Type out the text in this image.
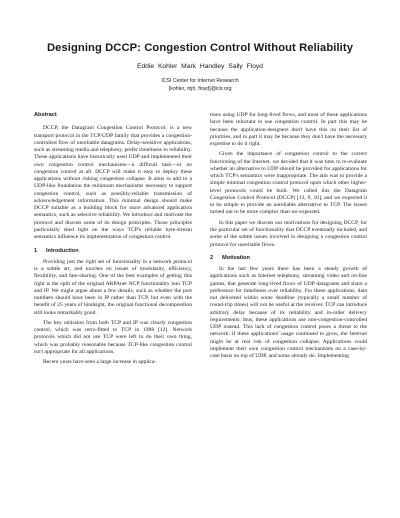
Designing DCCP: Congestion Control Without Reliability
Eddie Kohler Mark Handley Sally Floyd
ICSI Center for Internet Research
{kohler, mjh, floyd}@icir.org
Abstract

DCCP, the Datagram Congestion Control Protocol, is a new transport protocol in the TCP/UDP family that provides a congestion-controlled flow of unreliable datagrams. Delay-sensitive applications, such as streaming media and telephony, prefer timeliness to reliability. These applications have historically used UDP and implemented their own congestion control mechanisms—a difficult task—or no congestion control at all. DCCP will make it easy to deploy these applications without risking congestion collapse. It aims to add to a UDP-like foundation the minimum mechanisms necessary to support congestion control, such as possibly-reliable transmission of acknowledgement information. This minimal design should make DCCP suitable as a building block for more advanced application semantics, such as selective reliability. We introduce and motivate the protocol and discuss some of its design principles. Those principles particularly shed light on the ways TCP's reliable byte-stream semantics influence its implementation of congestion control.

1 Introduction

Providing just the right set of functionality in a network protocol is a subtle art, and touches on issues of modularity, efficiency, flexibility, and fate-sharing. One of the best examples of getting this right is the split of the original ARPAnet NCP functionality into TCP and IP. We might argue about a few details, such as whether the port numbers should have been in IP rather than TCP, but even with the benefit of 25 years of hindsight, the original functional decomposition still looks remarkably good.

The key omission from both TCP and IP was clearly congestion control, which was retro-fitted to TCP in 1988 [12]. Network protocols which did not use TCP were left to do their own thing, which was probably reasonable because TCP-like congestion control isn't appropriate for all applications.

Recent years have seen a large increase in applica-

tions using UDP for long-lived flows, and most of these applications have been reluctant to use congestion control. In part this may be because the application-designers don't have this on their list of priorities, and in part it may be because they don't have the necessary expertise to do it right.

Given the importance of congestion control to the correct functioning of the Internet, we decided that it was time to re-evaluate whether an alternative to UDP should be provided for applications for which TCP's semantics were inappropriate. The aim was to provide a simple minimal congestion control protocol upon which other higher-level protocols could be built. We called this the Datagram Congestion Control Protocol (DCCP) [13, 9, 10], and we expected it to be simple to provide an unreliable alternative to TCP. The issues turned out to be more complex than we expected.

In this paper we discuss our motivations for designing DCCP, for the particular set of functionality that DCCP eventually included, and some of the subtle issues involved in designing a congestion control protocol for unreliable flows.

2 Motivation

In the last few years there has been a steady growth of applications such as Internet telephony, streaming video and on-line games, that generate long-lived flows of UDP datagrams and share a preference for timeliness over reliability. For these applications, data not delivered within some deadline (typically a small number of round-trip times) will not be useful at the receiver. TCP can introduce arbitrary delay because of its reliability and in-order delivery requirements; thus, these applications use non-congestion-controlled UDP instead. This lack of congestion control poses a threat to the network: if these applications' usage continued to grow, the Internet might be at real risk of congestion collapse. Applications could implement their own congestion control mechanisms on a case-by-case basis on top of UDP, and some already do. Implementing
